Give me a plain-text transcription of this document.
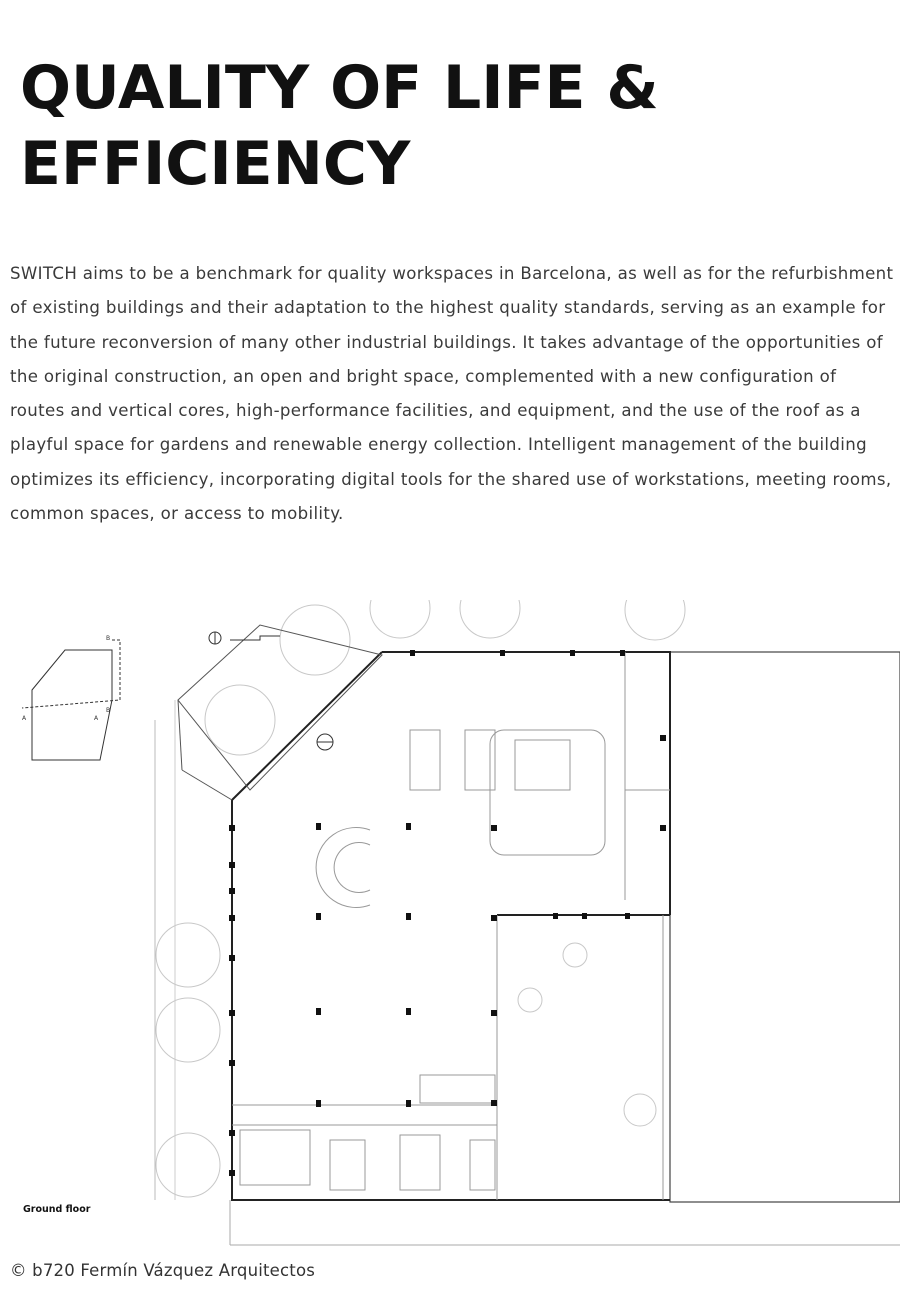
QUALITY OF LIFE &
EFFICIENCY

SWITCH aims to be a benchmark for quality workspaces in Barcelona, as well as for the refurbishment of existing buildings and their adaptation to the highest quality standards, serving as an example for the future reconversion of many other industrial buildings. It takes advantage of the opportunities of the original construction, an open and bright space, complemented with a new configuration of routes and vertical cores, high-performance facilities, and equipment, and the use of the roof as a playful space for gardens and renewable energy collection. Intelligent management of the building optimizes its efficiency, incorporating digital tools for the shared use of workstations, meeting rooms, common spaces, or access to mobility.

B
B
A	A
Ground floor
© b720 Fermín Vázquez Arquitectos
